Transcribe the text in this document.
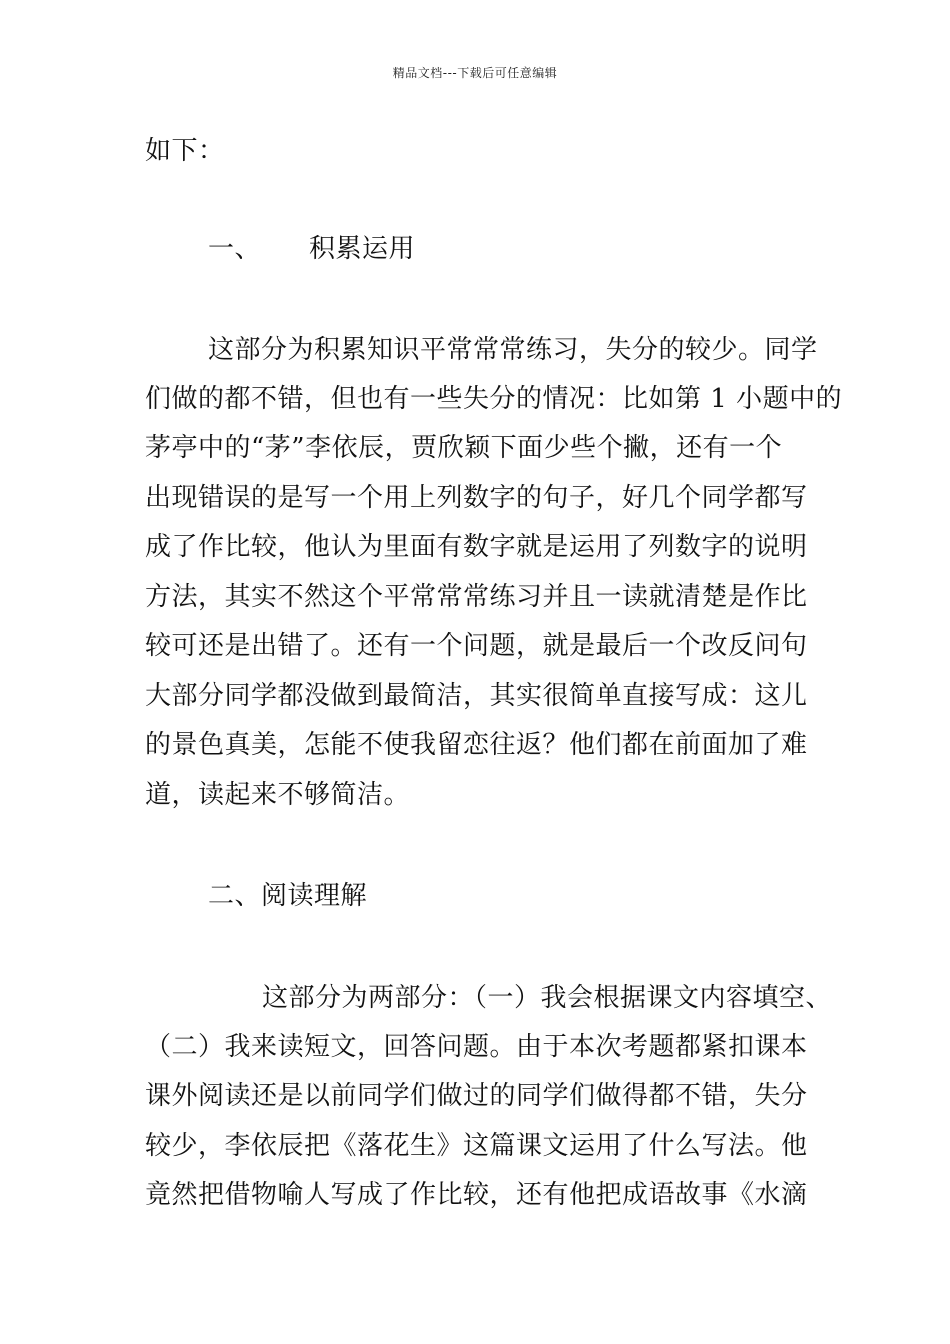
精品文档---下载后可任意编辑
如下：
一、 积累运用
这部分为积累知识平常常常练习，失分的较少。同学
们做的都不错，但也有一些失分的情况：比如第 1 小题中的
茅亭中的“茅”李依辰，贾欣颖下面少些个撇，还有一个
出现错误的是写一个用上列数字的句子，好几个同学都写
成了作比较，他认为里面有数字就是运用了列数字的说明
方法，其实不然这个平常常常练习并且一读就清楚是作比
较可还是出错了。还有一个问题，就是最后一个改反问句
大部分同学都没做到最简洁，其实很简单直接写成：这儿
的景色真美，怎能不使我留恋往返？他们都在前面加了难
道，读起来不够简洁。
二、阅读理解
这部分为两部分：（一）我会根据课文内容填空、
（二）我来读短文，回答问题。由于本次考题都紧扣课本
课外阅读还是以前同学们做过的同学们做得都不错，失分
较少，李依辰把《落花生》这篇课文运用了什么写法。他
竟然把借物喻人写成了作比较，还有他把成语故事《水滴
